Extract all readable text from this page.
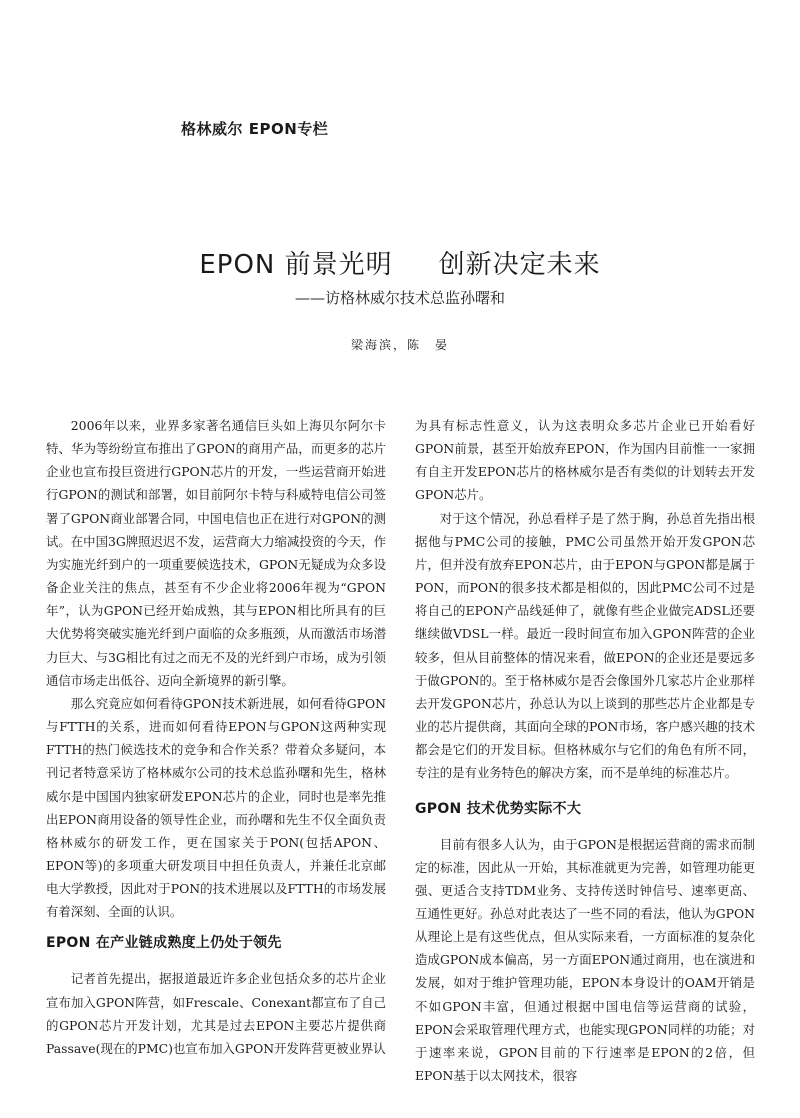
格林威尔 EPON专栏
EPON 前景光明 创新决定未来
——访格林威尔技术总监孙曙和
梁海滨，陈　晏

2006年以来，业界多家著名通信巨头如上海贝尔阿尔卡特、华为等纷纷宣布推出了GPON的商用产品，而更多的芯片企业也宣布投巨资进行GPON芯片的开发，一些运营商开始进行GPON的测试和部署，如目前阿尔卡特与科威特电信公司签署了GPON商业部署合同，中国电信也正在进行对GPON的测试。在中国3G牌照迟迟不发，运营商大力缩减投资的今天，作为实施光纤到户的一项重要候选技术，GPON无疑成为众多设备企业关注的焦点，甚至有不少企业将2006年视为“GPON年”，认为GPON已经开始成熟，其与EPON相比所具有的巨大优势将突破实施光纤到户面临的众多瓶颈，从而激活市场潜力巨大、与3G相比有过之而无不及的光纤到户市场，成为引领通信市场走出低谷、迈向全新境界的新引擎。

那么究竟应如何看待GPON技术新进展，如何看待GPON与FTTH的关系，进而如何看待EPON与GPON这两种实现FTTH的热门候选技术的竞争和合作关系？带着众多疑问，本刊记者特意采访了格林威尔公司的技术总监孙曙和先生，格林威尔是中国国内独家研发EPON芯片的企业，同时也是率先推出EPON商用设备的领导性企业，而孙曙和先生不仅全面负责格林威尔的研发工作，更在国家关于PON(包括APON、EPON等)的多项重大研发项目中担任负责人，并兼任北京邮电大学教授，因此对于PON的技术进展以及FTTH的市场发展有着深刻、全面的认识。

EPON 在产业链成熟度上仍处于领先

记者首先提出，据报道最近许多企业包括众多的芯片企业宣布加入GPON阵营，如Frescale、Conexant都宣布了自己的GPON芯片开发计划，尤其是过去EPON主要芯片提供商Passave(现在的PMC)也宣布加入GPON开发阵营更被业界认

为具有标志性意义，认为这表明众多芯片企业已开始看好GPON前景，甚至开始放弃EPON，作为国内目前惟一一家拥有自主开发EPON芯片的格林威尔是否有类似的计划转去开发GPON芯片。

对于这个情况，孙总看样子是了然于胸，孙总首先指出根据他与PMC公司的接触，PMC公司虽然开始开发GPON芯片，但并没有放弃EPON芯片，由于EPON与GPON都是属于PON，而PON的很多技术都是相似的，因此PMC公司不过是将自己的EPON产品线延伸了，就像有些企业做完ADSL还要继续做VDSL一样。最近一段时间宣布加入GPON阵营的企业较多，但从目前整体的情况来看，做EPON的企业还是要远多于做GPON的。至于格林威尔是否会像国外几家芯片企业那样去开发GPON芯片，孙总认为以上谈到的那些芯片企业都是专业的芯片提供商，其面向全球的PON市场，客户感兴趣的技术都会是它们的开发目标。但格林威尔与它们的角色有所不同，专注的是有业务特色的解决方案，而不是单纯的标准芯片。

GPON 技术优势实际不大

目前有很多人认为，由于GPON是根据运营商的需求而制定的标准，因此从一开始，其标准就更为完善，如管理功能更强、更适合支持TDM业务、支持传送时钟信号、速率更高、互通性更好。孙总对此表达了一些不同的看法，他认为GPON从理论上是有这些优点，但从实际来看，一方面标准的复杂化造成GPON成本偏高，另一方面EPON通过商用，也在演进和发展，如对于维护管理功能，EPON本身设计的OAM开销是不如GPON丰富，但通过根据中国电信等运营商的试验，EPON会采取管理代理方式，也能实现GPON同样的功能；对于速率来说，GPON目前的下行速率是EPON的2倍，但EPON基于以太网技术，很容
